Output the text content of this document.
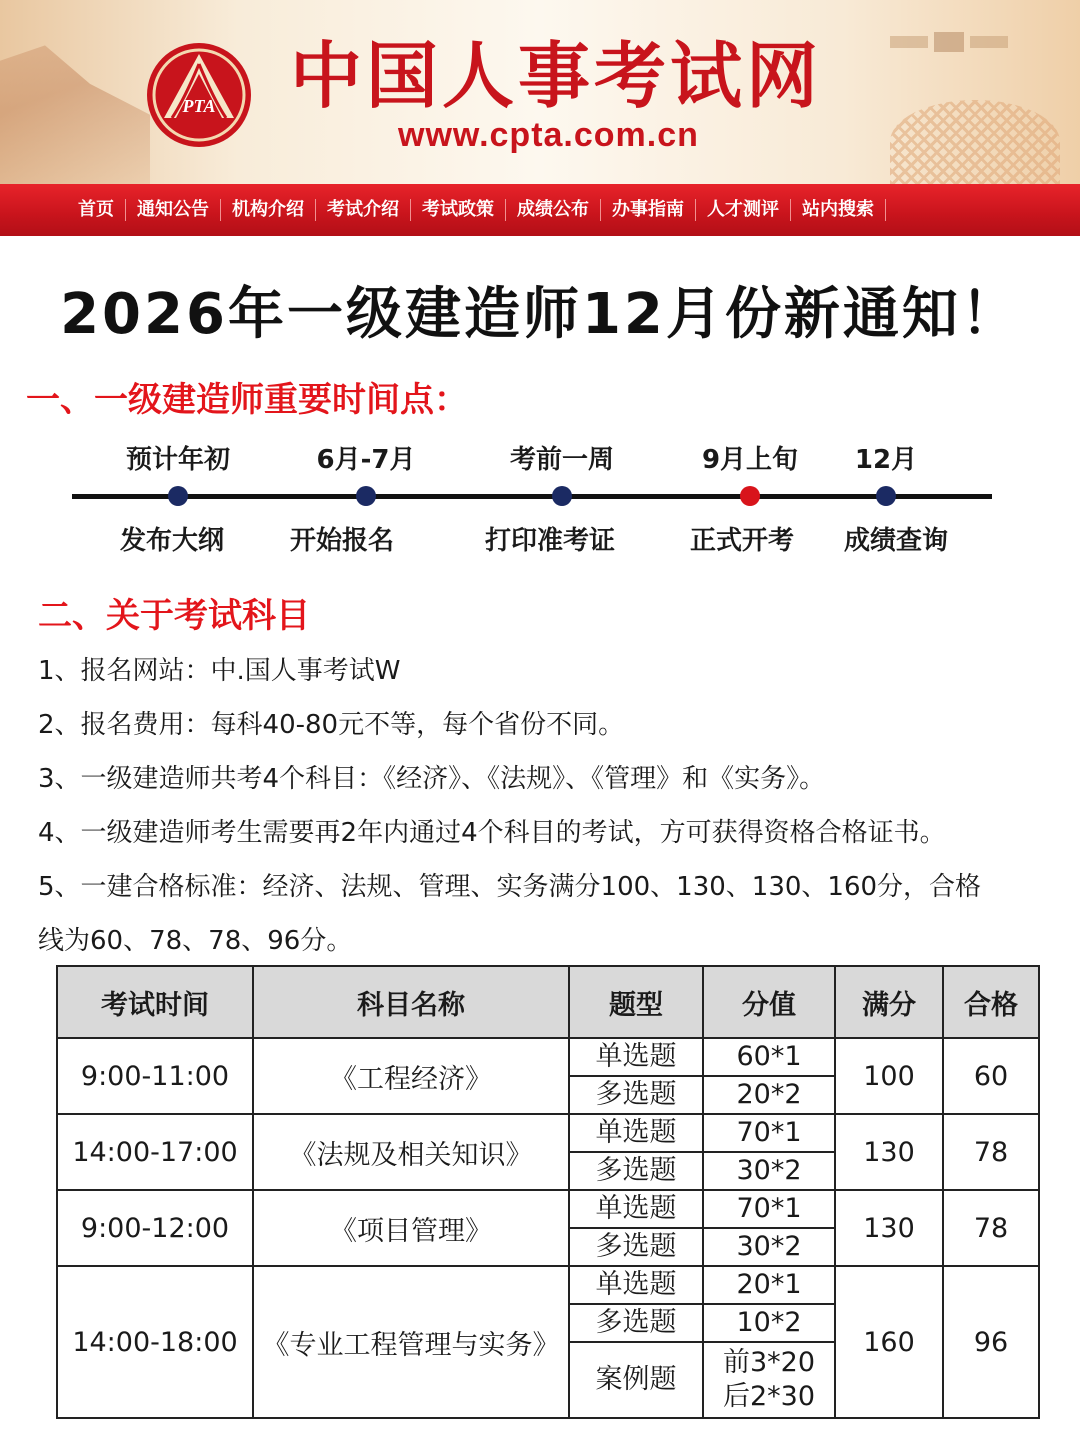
PTA 中国人事考试网
www.cpta.com.cn
首页	通知公告	机构介绍	考试介绍	考试政策	成绩公布	办事指南	人才测评	站内搜索
2026年一级建造师12月份新通知！
一、一级建造师重要时间点：
预计年初
发布大纲
6月-7月
开始报名
考前一周
打印准考证
9月上旬
正式开考
12月
成绩查询
二、关于考试科目
1、报名网站：中.国人事考试W
2、报名费用：每科40-80元不等，每个省份不同。
3、一级建造师共考4个科目：《经济》、《法规》、《管理》和《实务》。
4、一级建造师考生需要再2年内通过4个科目的考试，方可获得资格合格证书。
5、一建合格标准：经济、法规、管理、实务满分100、130、130、160分，合格
线为60、78、78、96分。
考试时间	科目名称	题型	分值	满分	合格
9:00-11:00	《工程经济》	单选题	60*1	100	60
		多选题	20*2		
14:00-17:00	《法规及相关知识》	单选题	70*1	130	78
		多选题	30*2		
9:00-12:00	《项目管理》	单选题	70*1	130	78
		多选题	30*2		
14:00-18:00	《专业工程管理与实务》	单选题	20*1	160	96
		多选题	10*2		
		案例题	前3*20
后2*30		
